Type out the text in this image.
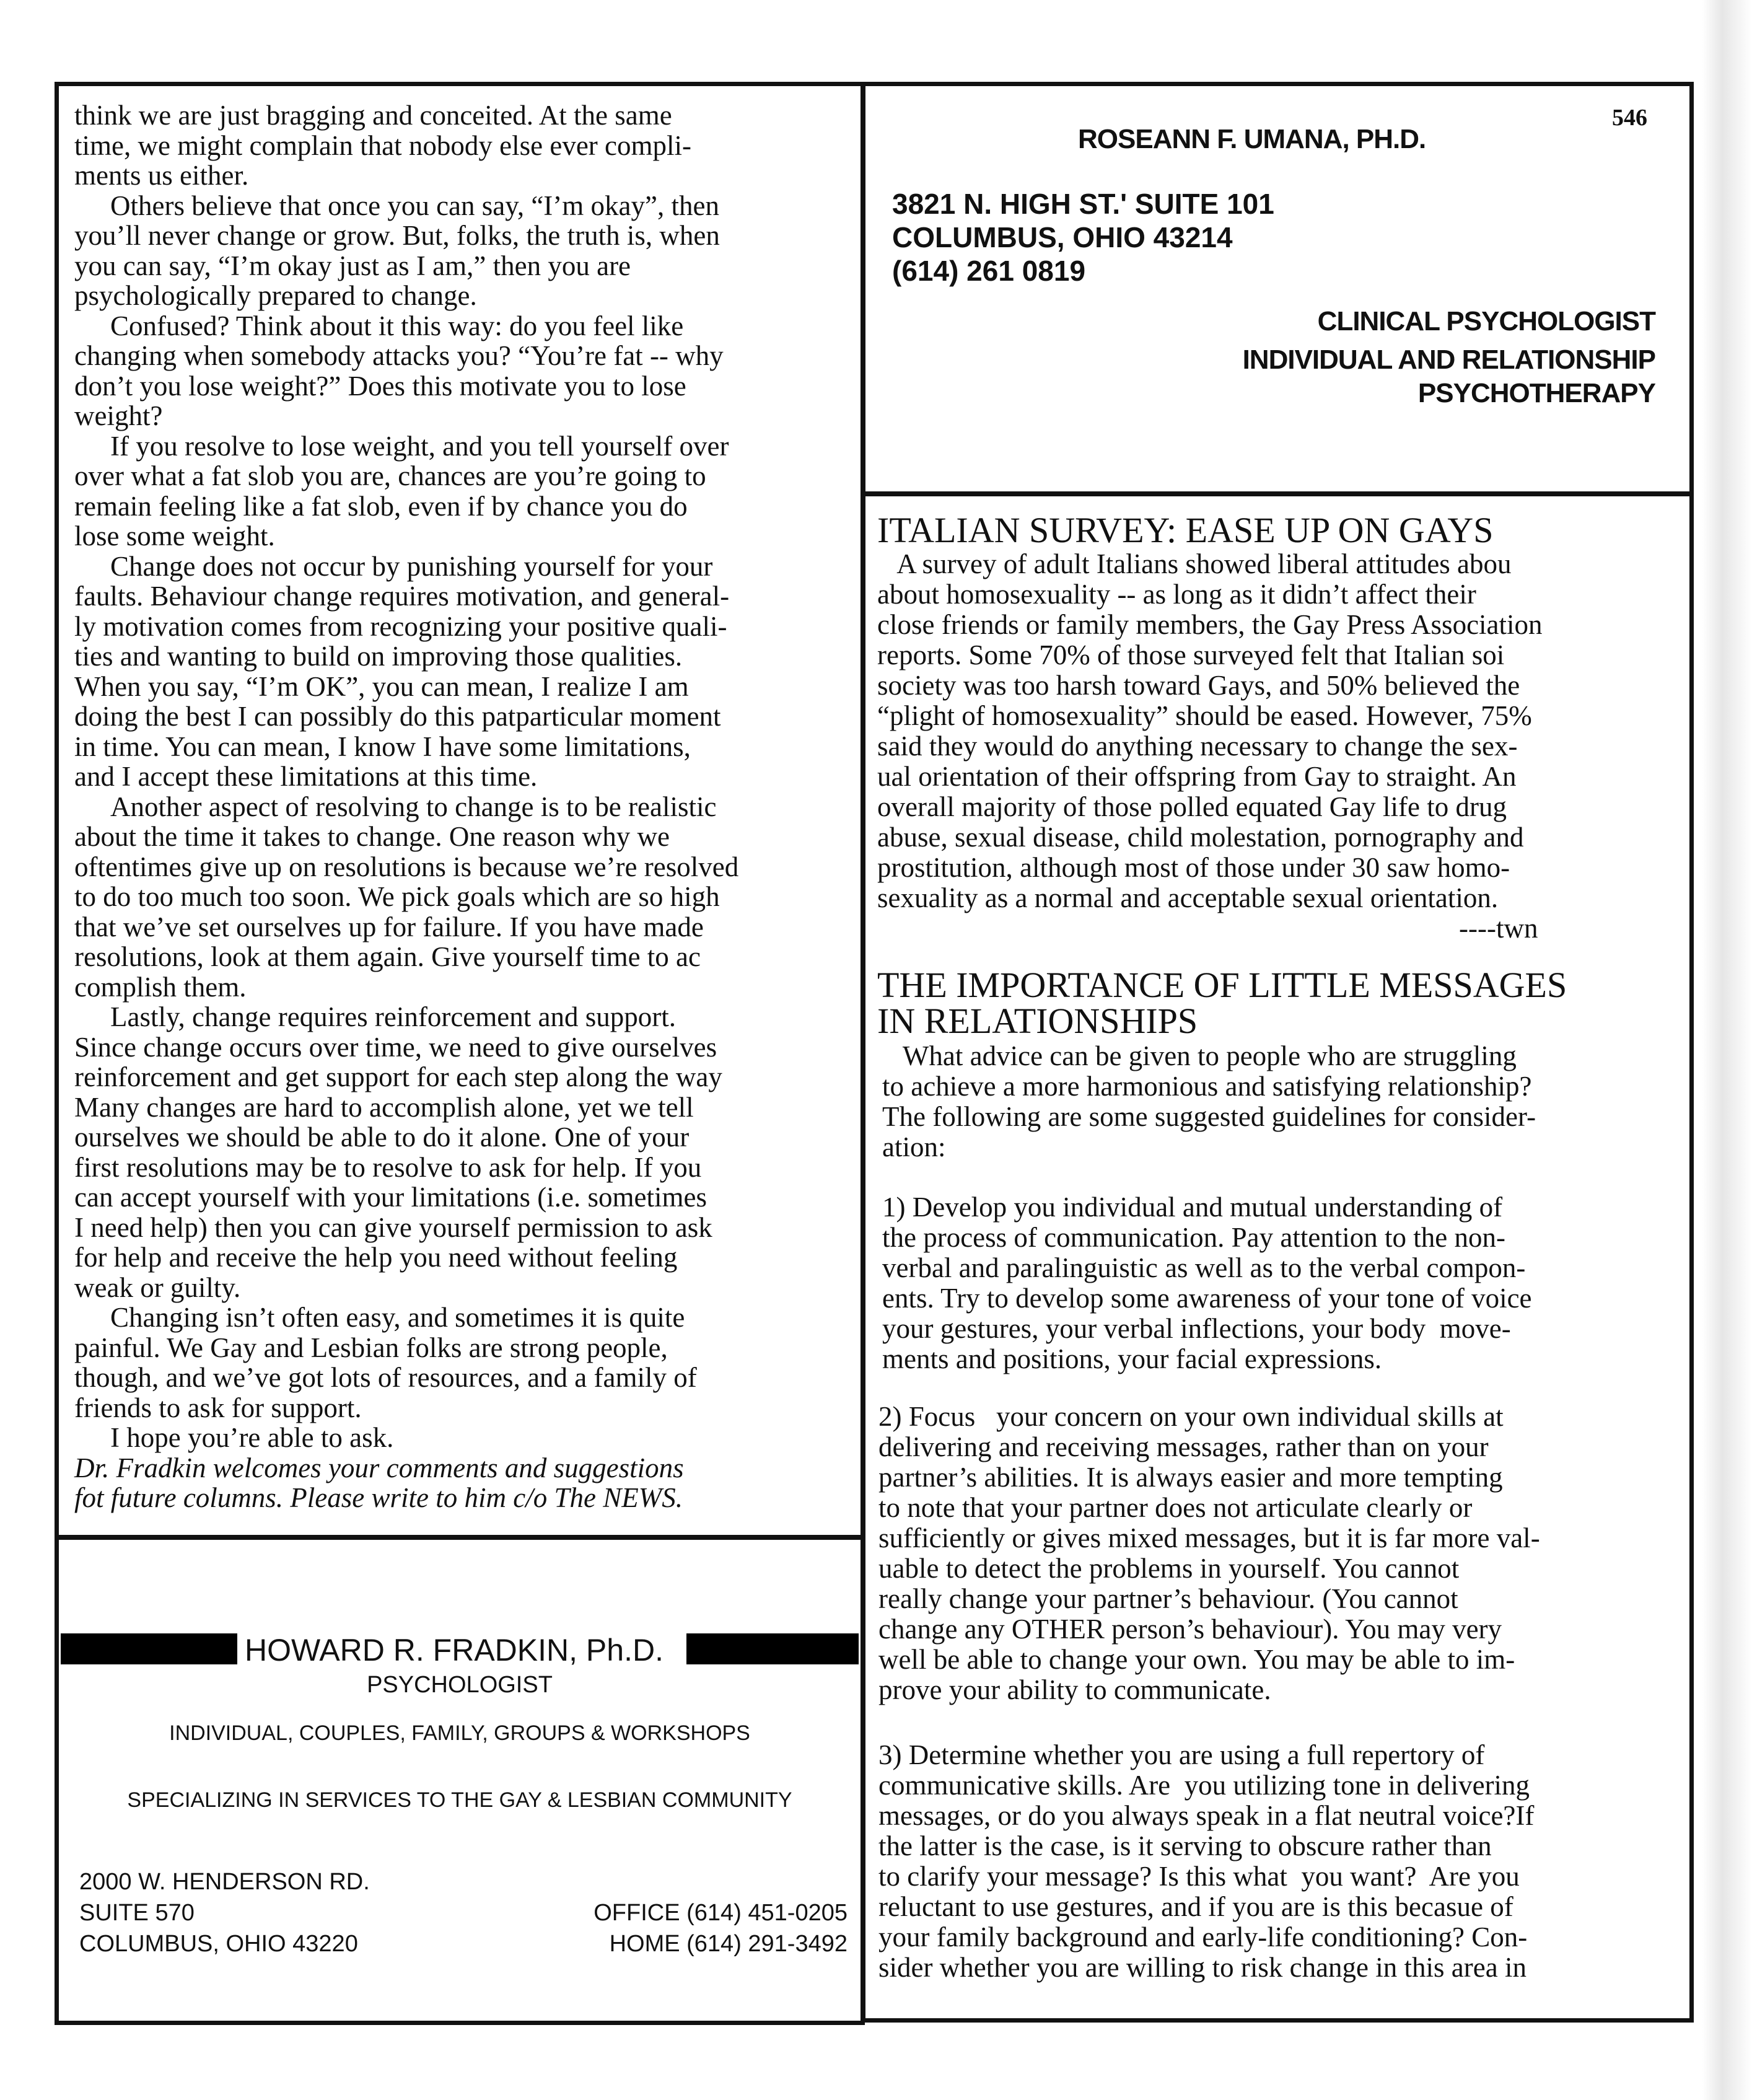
think we are just bragging and conceited. At the same
time, we might complain that nobody else ever compli-
ments us either.
Others believe that once you can say, “I’m okay”, then
you’ll never change or grow. But, folks, the truth is, when
you can say, “I’m okay just as I am,” then you are
psychologically prepared to change.
Confused? Think about it this way: do you feel like
changing when somebody attacks you? “You’re fat -- why
don’t you lose weight?” Does this motivate you to lose
weight?
If you resolve to lose weight, and you tell yourself over
over what a fat slob you are, chances are you’re going to
remain feeling like a fat slob, even if by chance you do
lose some weight.
Change does not occur by punishing yourself for your
faults. Behaviour change requires motivation, and general-
ly motivation comes from recognizing your positive quali-
ties and wanting to build on improving those qualities.
When you say, “I’m OK”, you can mean, I realize I am
doing the best I can possibly do this patparticular moment
in time. You can mean, I know I have some limitations,
and I accept these limitations at this time.
Another aspect of resolving to change is to be realistic
about the time it takes to change. One reason why we
oftentimes give up on resolutions is because we’re resolved
to do too much too soon. We pick goals which are so high
that we’ve set ourselves up for failure. If you have made
resolutions, look at them again. Give yourself time to ac
complish them.
Lastly, change requires reinforcement and support.
Since change occurs over time, we need to give ourselves
reinforcement and get support for each step along the way
Many changes are hard to accomplish alone, yet we tell
ourselves we should be able to do it alone. One of your
first resolutions may be to resolve to ask for help. If you
can accept yourself with your limitations (i.e. sometimes
I need help) then you can give yourself permission to ask
for help and receive the help you need without feeling
weak or guilty.
Changing isn’t often easy, and sometimes it is quite
painful. We Gay and Lesbian folks are strong people,
though, and we’ve got lots of resources, and a family of
friends to ask for support.
I hope you’re able to ask.
Dr. Fradkin welcomes your comments and suggestions
fot future columns. Please write to him c/o The NEWS.
HOWARD R. FRADKIN, Ph.D.
PSYCHOLOGIST
INDIVIDUAL, COUPLES, FAMILY, GROUPS & WORKSHOPS
SPECIALIZING IN SERVICES TO THE GAY & LESBIAN COMMUNITY
2000 W. HENDERSON RD.
SUITE 570
COLUMBUS, OHIO 43220
OFFICE (614) 451-0205
HOME (614) 291-3492
546
ROSEANN F. UMANA, PH.D.
3821 N. HIGH ST.' SUITE 101
COLUMBUS, OHIO 43214
(614) 261 0819
CLINICAL PSYCHOLOGIST
INDIVIDUAL AND RELATIONSHIP
PSYCHOTHERAPY
ITALIAN SURVEY: EASE UP ON GAYS
A survey of adult Italians showed liberal attitudes abou
about homosexuality -- as long as it didn’t affect their
close friends or family members, the Gay Press Association
reports. Some 70% of those surveyed felt that Italian soi
society was too harsh toward Gays, and 50% believed the
“plight of homosexuality” should be eased. However, 75%
said they would do anything necessary to change the sex-
ual orientation of their offspring from Gay to straight. An
overall majority of those polled equated Gay life to drug
abuse, sexual disease, child molestation, pornography and
prostitution, although most of those under 30 saw homo-
sexuality as a normal and acceptable sexual orientation.
----twn
THE IMPORTANCE OF LITTLE MESSAGES
IN RELATIONSHIPS
What advice can be given to people who are struggling
to achieve a more harmonious and satisfying relationship?
The following are some suggested guidelines for consider-
ation:
1) Develop you individual and mutual understanding of
the process of communication. Pay attention to the non-
verbal and paralinguistic as well as to the verbal compon-
ents. Try to develop some awareness of your tone of voice
your gestures, your verbal inflections, your body  move-
ments and positions, your facial expressions.
2) Focus   your concern on your own individual skills at
delivering and receiving messages, rather than on your
partner’s abilities. It is always easier and more tempting
to note that your partner does not articulate clearly or
sufficiently or gives mixed messages, but it is far more val-
uable to detect the problems in yourself. You cannot
really change your partner’s behaviour. (You cannot
change any OTHER person’s behaviour). You may very
well be able to change your own. You may be able to im-
prove your ability to communicate.
3) Determine whether you are using a full repertory of
communicative skills. Are  you utilizing tone in delivering
messages, or do you always speak in a flat neutral voice?If
the latter is the case, is it serving to obscure rather than
to clarify your message? Is this what  you want?  Are you
reluctant to use gestures, and if you are is this becasue of
your family background and early-life conditioning? Con-
sider whether you are willing to risk change in this area in
